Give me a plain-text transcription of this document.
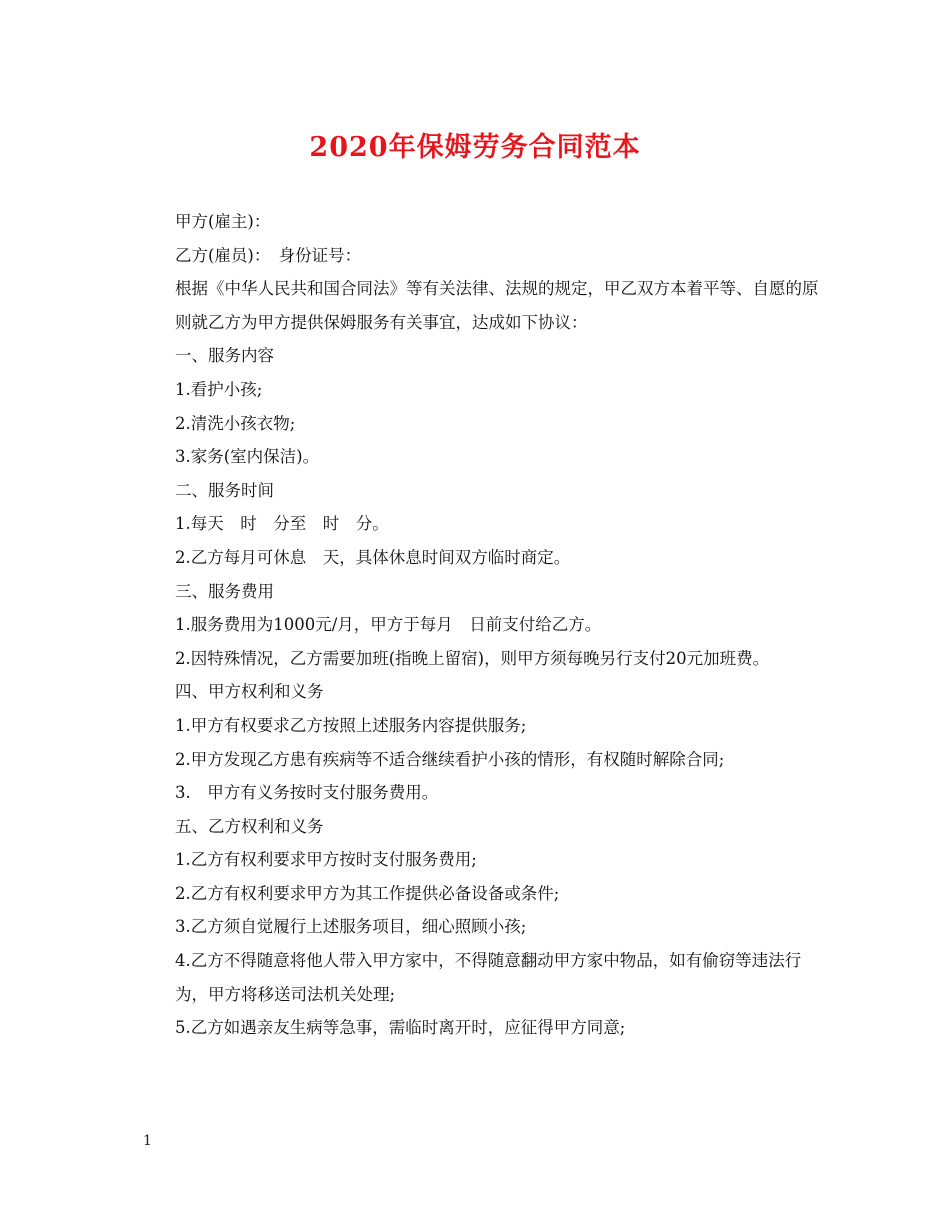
2020年保姆劳务合同范本

甲方(雇主)：

乙方(雇员)：　身份证号：

根据《中华人民共和国合同法》等有关法律、法规的规定，甲乙双方本着平等、自愿的原则就乙方为甲方提供保姆服务有关事宜，达成如下协议：

一、服务内容

1.看护小孩;

2.清洗小孩衣物;

3.家务(室内保洁)。

二、服务时间

1.每天　时　分至　时　分。

2.乙方每月可休息　天，具体休息时间双方临时商定。

三、服务费用

1.服务费用为1000元/月，甲方于每月　日前支付给乙方。

2.因特殊情况，乙方需要加班(指晚上留宿)，则甲方须每晚另行支付20元加班费。

四、甲方权利和义务

1.甲方有权要求乙方按照上述服务内容提供服务;

2.甲方发现乙方患有疾病等不适合继续看护小孩的情形，有权随时解除合同;

3.　甲方有义务按时支付服务费用。

五、乙方权利和义务

1.乙方有权利要求甲方按时支付服务费用;

2.乙方有权利要求甲方为其工作提供必备设备或条件;

3.乙方须自觉履行上述服务项目，细心照顾小孩;

4.乙方不得随意将他人带入甲方家中，不得随意翻动甲方家中物品，如有偷窃等违法行为，甲方将移送司法机关处理;

5.乙方如遇亲友生病等急事，需临时离开时，应征得甲方同意;

1
